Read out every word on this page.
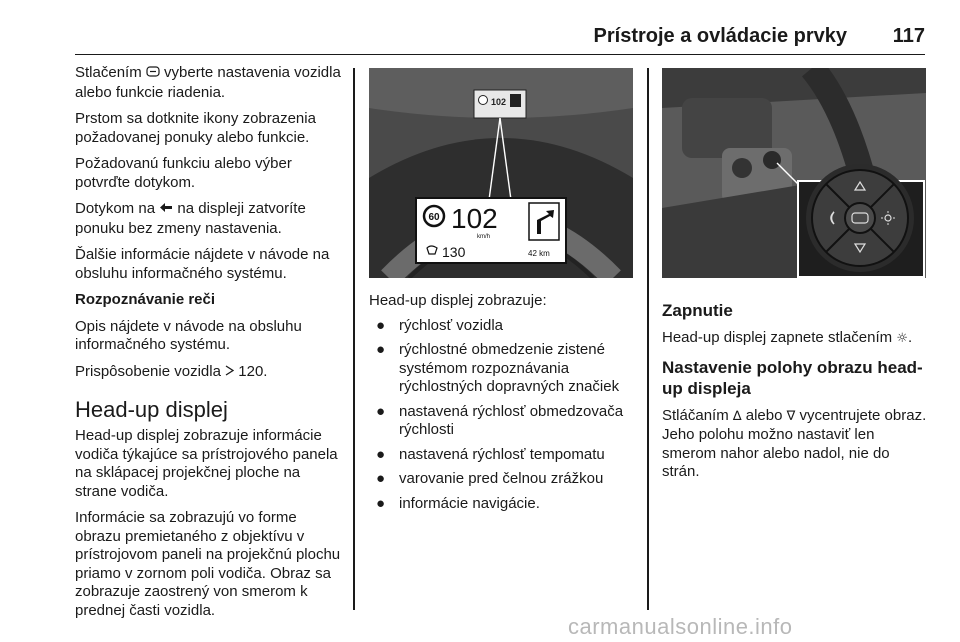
Prístroje a ovládacie prvky 117

Stlačením vyberte nastavenia vozidla alebo funkcie riadenia.

Prstom sa dotknite ikony zobrazenia požadovanej ponuky alebo funkcie.

Požadovanú funkciu alebo výber potvrďte dotykom.

Dotykom na na displeji zatvoríte ponuku bez zmeny nastavenia.

Ďalšie informácie nájdete v návode na obsluhu informačného systému.

Rozpoznávanie reči

Opis nájdete v návode na obsluhu informačného systému.

Prispôsobenie vozidla 120.

Head-up displej

Head-up displej zobrazuje informácie vodiča týkajúce sa prístrojového panela na sklápacej projekčnej ploche na strane vodiča.

Informácie sa zobrazujú vo forme obrazu premietaného z objektívu v prístrojovom paneli na projekčnú plochu priamo v zornom poli vodiča. Obraz sa zobrazuje zaostrený von smerom k prednej časti vozidla.

102
60 102
km/h
130	42 km

Head-up displej zobrazuje:

● rýchlosť vozidla
● rýchlostné obmedzenie zistené systémom rozpoznávania rýchlostných dopravných značiek
● nastavená rýchlosť obmedzovača rýchlosti
● nastavená rýchlosť tempomatu
● varovanie pred čelnou zrážkou
● informácie navigácie.
Zapnutie

Head-up displej zapnete stlačením ☼.

Nastavenie polohy obrazu head-up displeja

Stláčaním ∆ alebo ∇ vycentrujete obraz. Jeho polohu možno nastaviť len smerom nahor alebo nadol, nie do strán.

carmanualsonline.info
